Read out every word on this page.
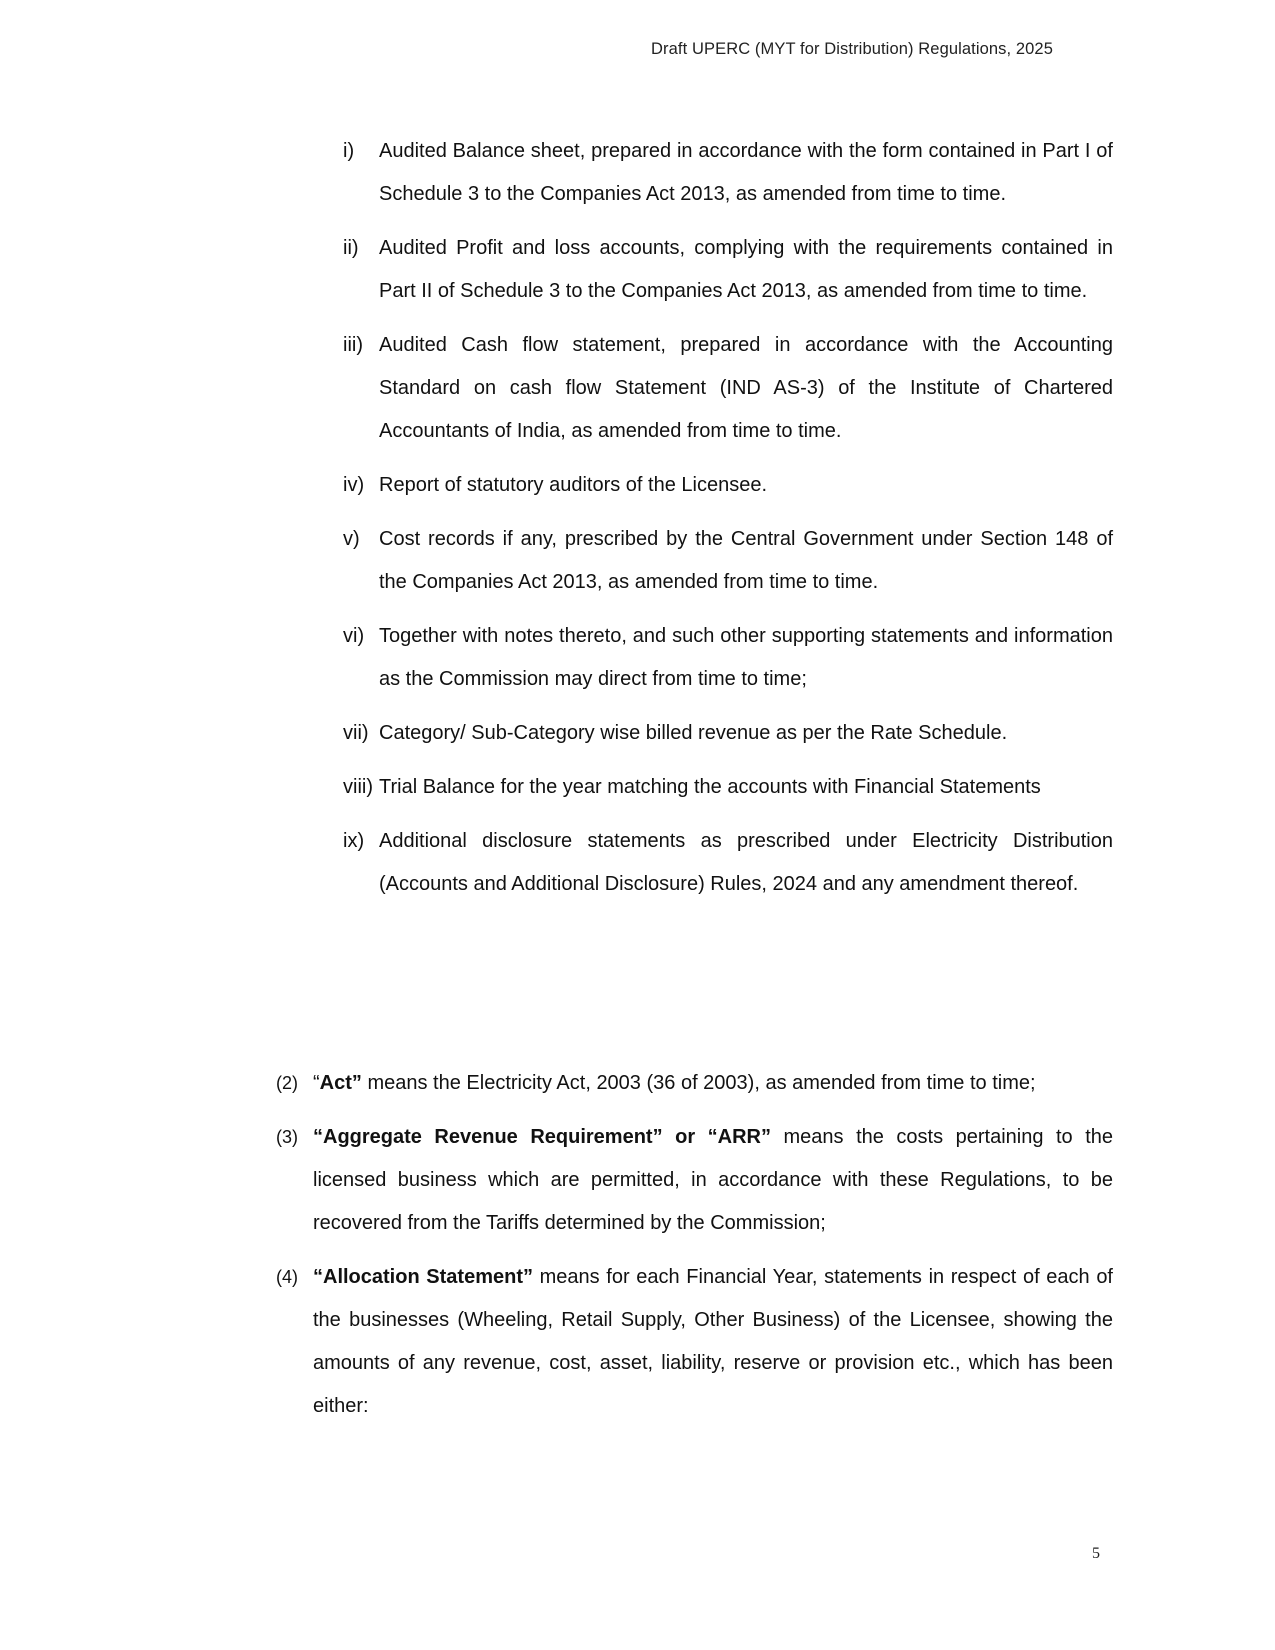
Draft UPERC (MYT for Distribution) Regulations, 2025
i)	Audited Balance sheet, prepared in accordance with the form contained in Part I of Schedule 3 to the Companies Act 2013, as amended from time to time.
ii)	Audited Profit and loss accounts, complying with the requirements contained in Part II of Schedule 3 to the Companies Act 2013, as amended from time to time.
iii) Audited Cash flow statement, prepared in accordance with the Accounting Standard on cash flow Statement (IND AS-3) of the Institute of Chartered Accountants of India, as amended from time to time.
iv) Report of statutory auditors of the Licensee.
v) Cost records if any, prescribed by the Central Government under Section 148 of the Companies Act 2013, as amended from time to time.
vi) Together with notes thereto, and such other supporting statements and information as the Commission may direct from time to time;
vii) Category/ Sub-Category wise billed revenue as per the Rate Schedule.
viii) Trial Balance for the year matching the accounts with Financial Statements
ix) Additional disclosure statements as prescribed under Electricity Distribution (Accounts and Additional Disclosure) Rules, 2024 and any amendment thereof.
(2) “Act” means the Electricity Act, 2003 (36 of 2003), as amended from time to time;
(3) “Aggregate Revenue Requirement” or “ARR” means the costs pertaining to the licensed business which are permitted, in accordance with these Regulations, to be recovered from the Tariffs determined by the Commission;
(4) “Allocation Statement” means for each Financial Year, statements in respect of each of the businesses (Wheeling, Retail Supply, Other Business) of the Licensee, showing the amounts of any revenue, cost, asset, liability, reserve or provision etc., which has been either:
5
